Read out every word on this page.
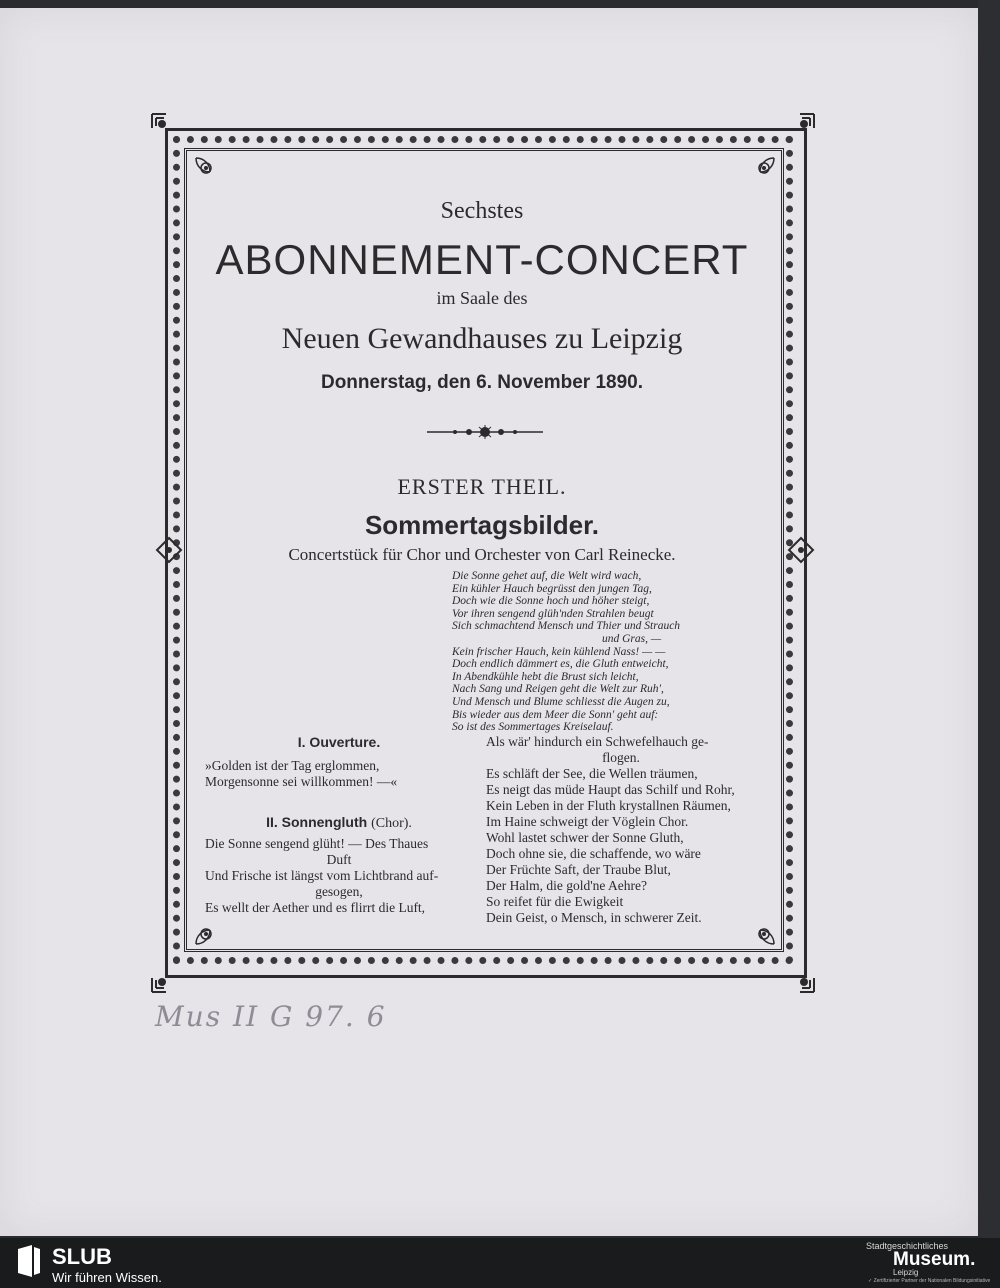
Sechstes
ABONNEMENT-CONCERT
im Saale des
Neuen Gewandhauses zu Leipzig
Donnerstag, den 6. November 1890.
ERSTER THEIL.
Sommertagsbilder.
Concertstück für Chor und Orchester von Carl Reinecke.
Die Sonne gehet auf, die Welt wird wach,
Ein kühler Hauch begrüsst den jungen Tag,
Doch wie die Sonne hoch und höher steigt,
Vor ihren sengend glüh'nden Strahlen beugt
Sich schmachtend Mensch und Thier und Strauch
und Gras, —
Kein frischer Hauch, kein kühlend Nass! — —
Doch endlich dämmert es, die Gluth entweicht,
In Abendkühle hebt die Brust sich leicht,
Nach Sang und Reigen geht die Welt zur Ruh',
Und Mensch und Blume schliesst die Augen zu,
Bis wieder aus dem Meer die Sonn' geht auf:
So ist des Sommertages Kreiselauf.
I. Ouverture.
»Golden ist der Tag erglommen,
Morgensonne sei willkommen! —«
II. Sonnengluth (Chor).
Die Sonne sengend glüht! — Des Thaues
Duft
Und Frische ist längst vom Lichtbrand auf-
gesogen,
Es wellt der Aether und es flirrt die Luft,
Als wär' hindurch ein Schwefelhauch ge-
flogen.
Es schläft der See, die Wellen träumen,
Es neigt das müde Haupt das Schilf und Rohr,
Kein Leben in der Fluth krystallnen Räumen,
Im Haine schweigt der Vöglein Chor.
Wohl lastet schwer der Sonne Gluth,
Doch ohne sie, die schaffende, wo wäre
Der Früchte Saft, der Traube Blut,
Der Halm, die gold'ne Aehre?
So reifet für die Ewigkeit
Dein Geist, o Mensch, in schwerer Zeit.
Mus II G 97. 6
SLUB
Wir führen Wissen.
Stadtgeschichtliches
Museum.
Leipzig
✓ Zertifizierter Partner der Nationalen Bildungsinitiative
